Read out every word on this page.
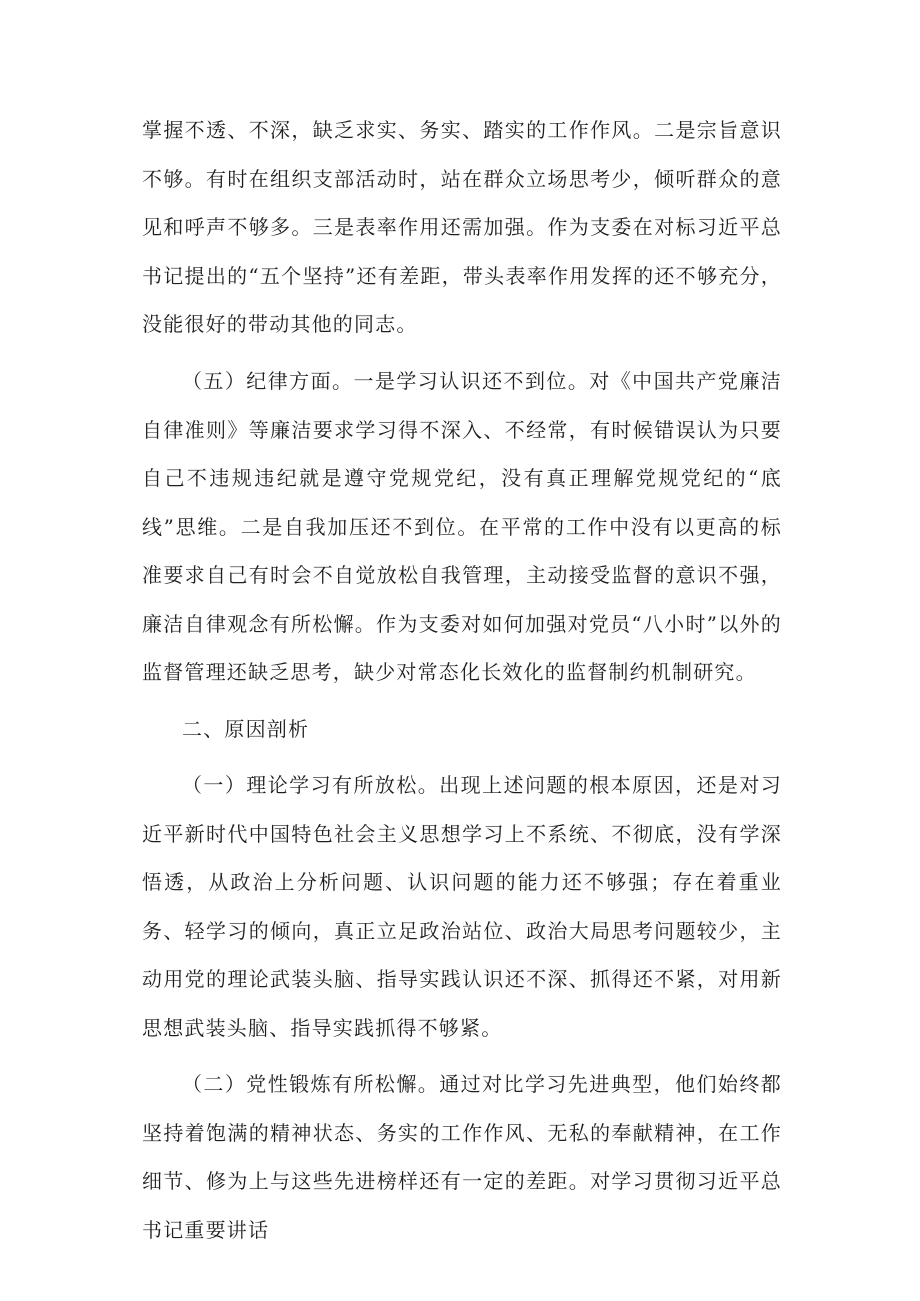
掌握不透、不深，缺乏求实、务实、踏实的工作作风。二是宗旨意识不够。有时在组织支部活动时，站在群众立场思考少，倾听群众的意见和呼声不够多。三是表率作用还需加强。作为支委在对标习近平总书记提出的“五个坚持”还有差距，带头表率作用发挥的还不够充分，没能很好的带动其他的同志。

（五）纪律方面。一是学习认识还不到位。对《中国共产党廉洁自律准则》等廉洁要求学习得不深入、不经常，有时候错误认为只要自己不违规违纪就是遵守党规党纪，没有真正理解党规党纪的“底线”思维。二是自我加压还不到位。在平常的工作中没有以更高的标准要求自己有时会不自觉放松自我管理，主动接受监督的意识不强，廉洁自律观念有所松懈。作为支委对如何加强对党员“八小时”以外的监督管理还缺乏思考，缺少对常态化长效化的监督制约机制研究。

二、原因剖析

（一）理论学习有所放松。出现上述问题的根本原因，还是对习近平新时代中国特色社会主义思想学习上不系统、不彻底，没有学深悟透，从政治上分析问题、认识问题的能力还不够强；存在着重业务、轻学习的倾向，真正立足政治站位、政治大局思考问题较少，主动用党的理论武装头脑、指导实践认识还不深、抓得还不紧，对用新思想武装头脑、指导实践抓得不够紧。

（二）党性锻炼有所松懈。通过对比学习先进典型，他们始终都坚持着饱满的精神状态、务实的工作作风、无私的奉献精神，在工作细节、修为上与这些先进榜样还有一定的差距。对学习贯彻习近平总书记重要讲话
